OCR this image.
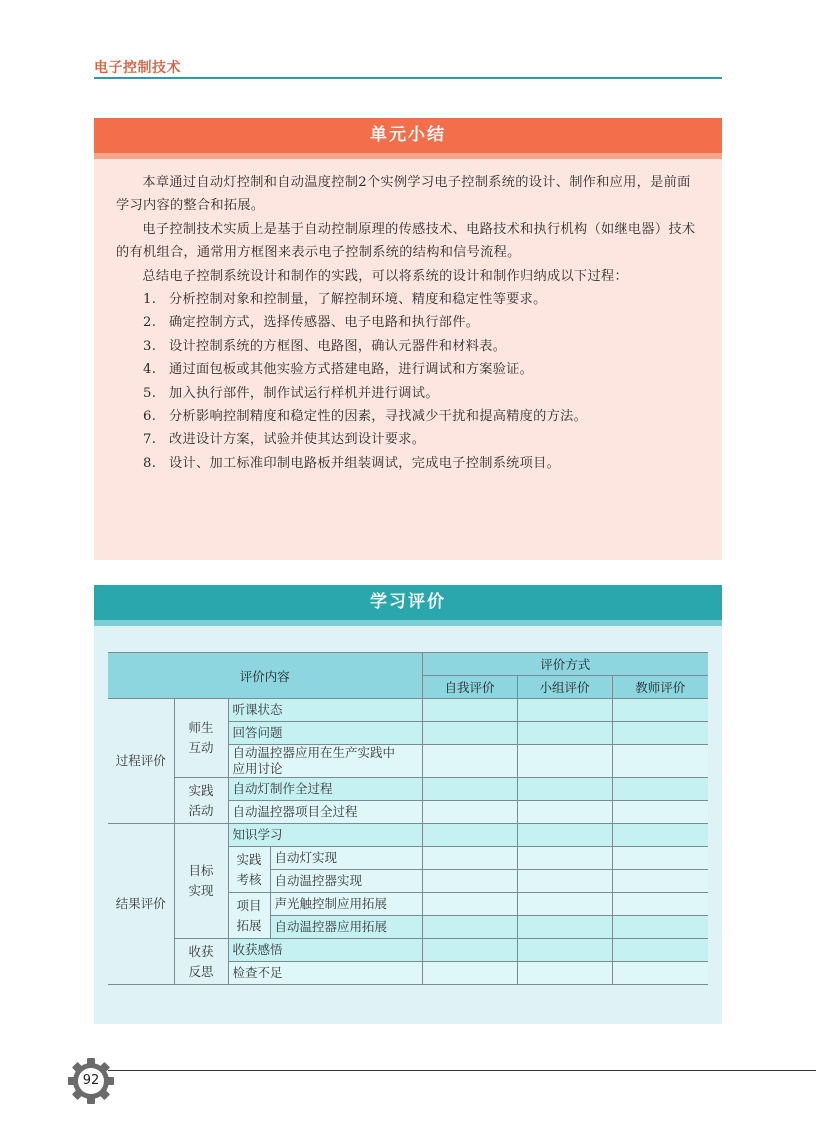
电子控制技术
单元小结

本章通过自动灯控制和自动温度控制2个实例学习电子控制系统的设计、制作和应用，是前面学习内容的整合和拓展。

电子控制技术实质上是基于自动控制原理的传感技术、电路技术和执行机构（如继电器）技术的有机组合，通常用方框图来表示电子控制系统的结构和信号流程。

总结电子控制系统设计和制作的实践，可以将系统的设计和制作归纳成以下过程：

1. 分析控制对象和控制量，了解控制环境、精度和稳定性等要求。
2. 确定控制方式，选择传感器、电子电路和执行部件。
3. 设计控制系统的方框图、电路图，确认元器件和材料表。
4. 通过面包板或其他实验方式搭建电路，进行调试和方案验证。
5. 加入执行部件，制作试运行样机并进行调试。
6. 分析影响控制精度和稳定性的因素，寻找减少干扰和提高精度的方法。
7. 改进设计方案，试验并使其达到设计要求。
8. 设计、加工标准印制电路板并组装调试，完成电子控制系统项目。
学习评价
评价内容				评价方式		
				自我评价	小组评价	教师评价
过程评价	师生互动	听课状态				
		回答问题				
		自动温控器应用在生产实践中应用讨论				
	实践活动	自动灯制作全过程				
		自动温控器项目全过程				
结果评价	目标实现	知识学习				
		实践考核	自动灯实现			
			自动温控器实现			
		项目拓展	声光触控制应用拓展			
			自动温控器应用拓展			
	收获反思	收获感悟				
		检查不足				
92
